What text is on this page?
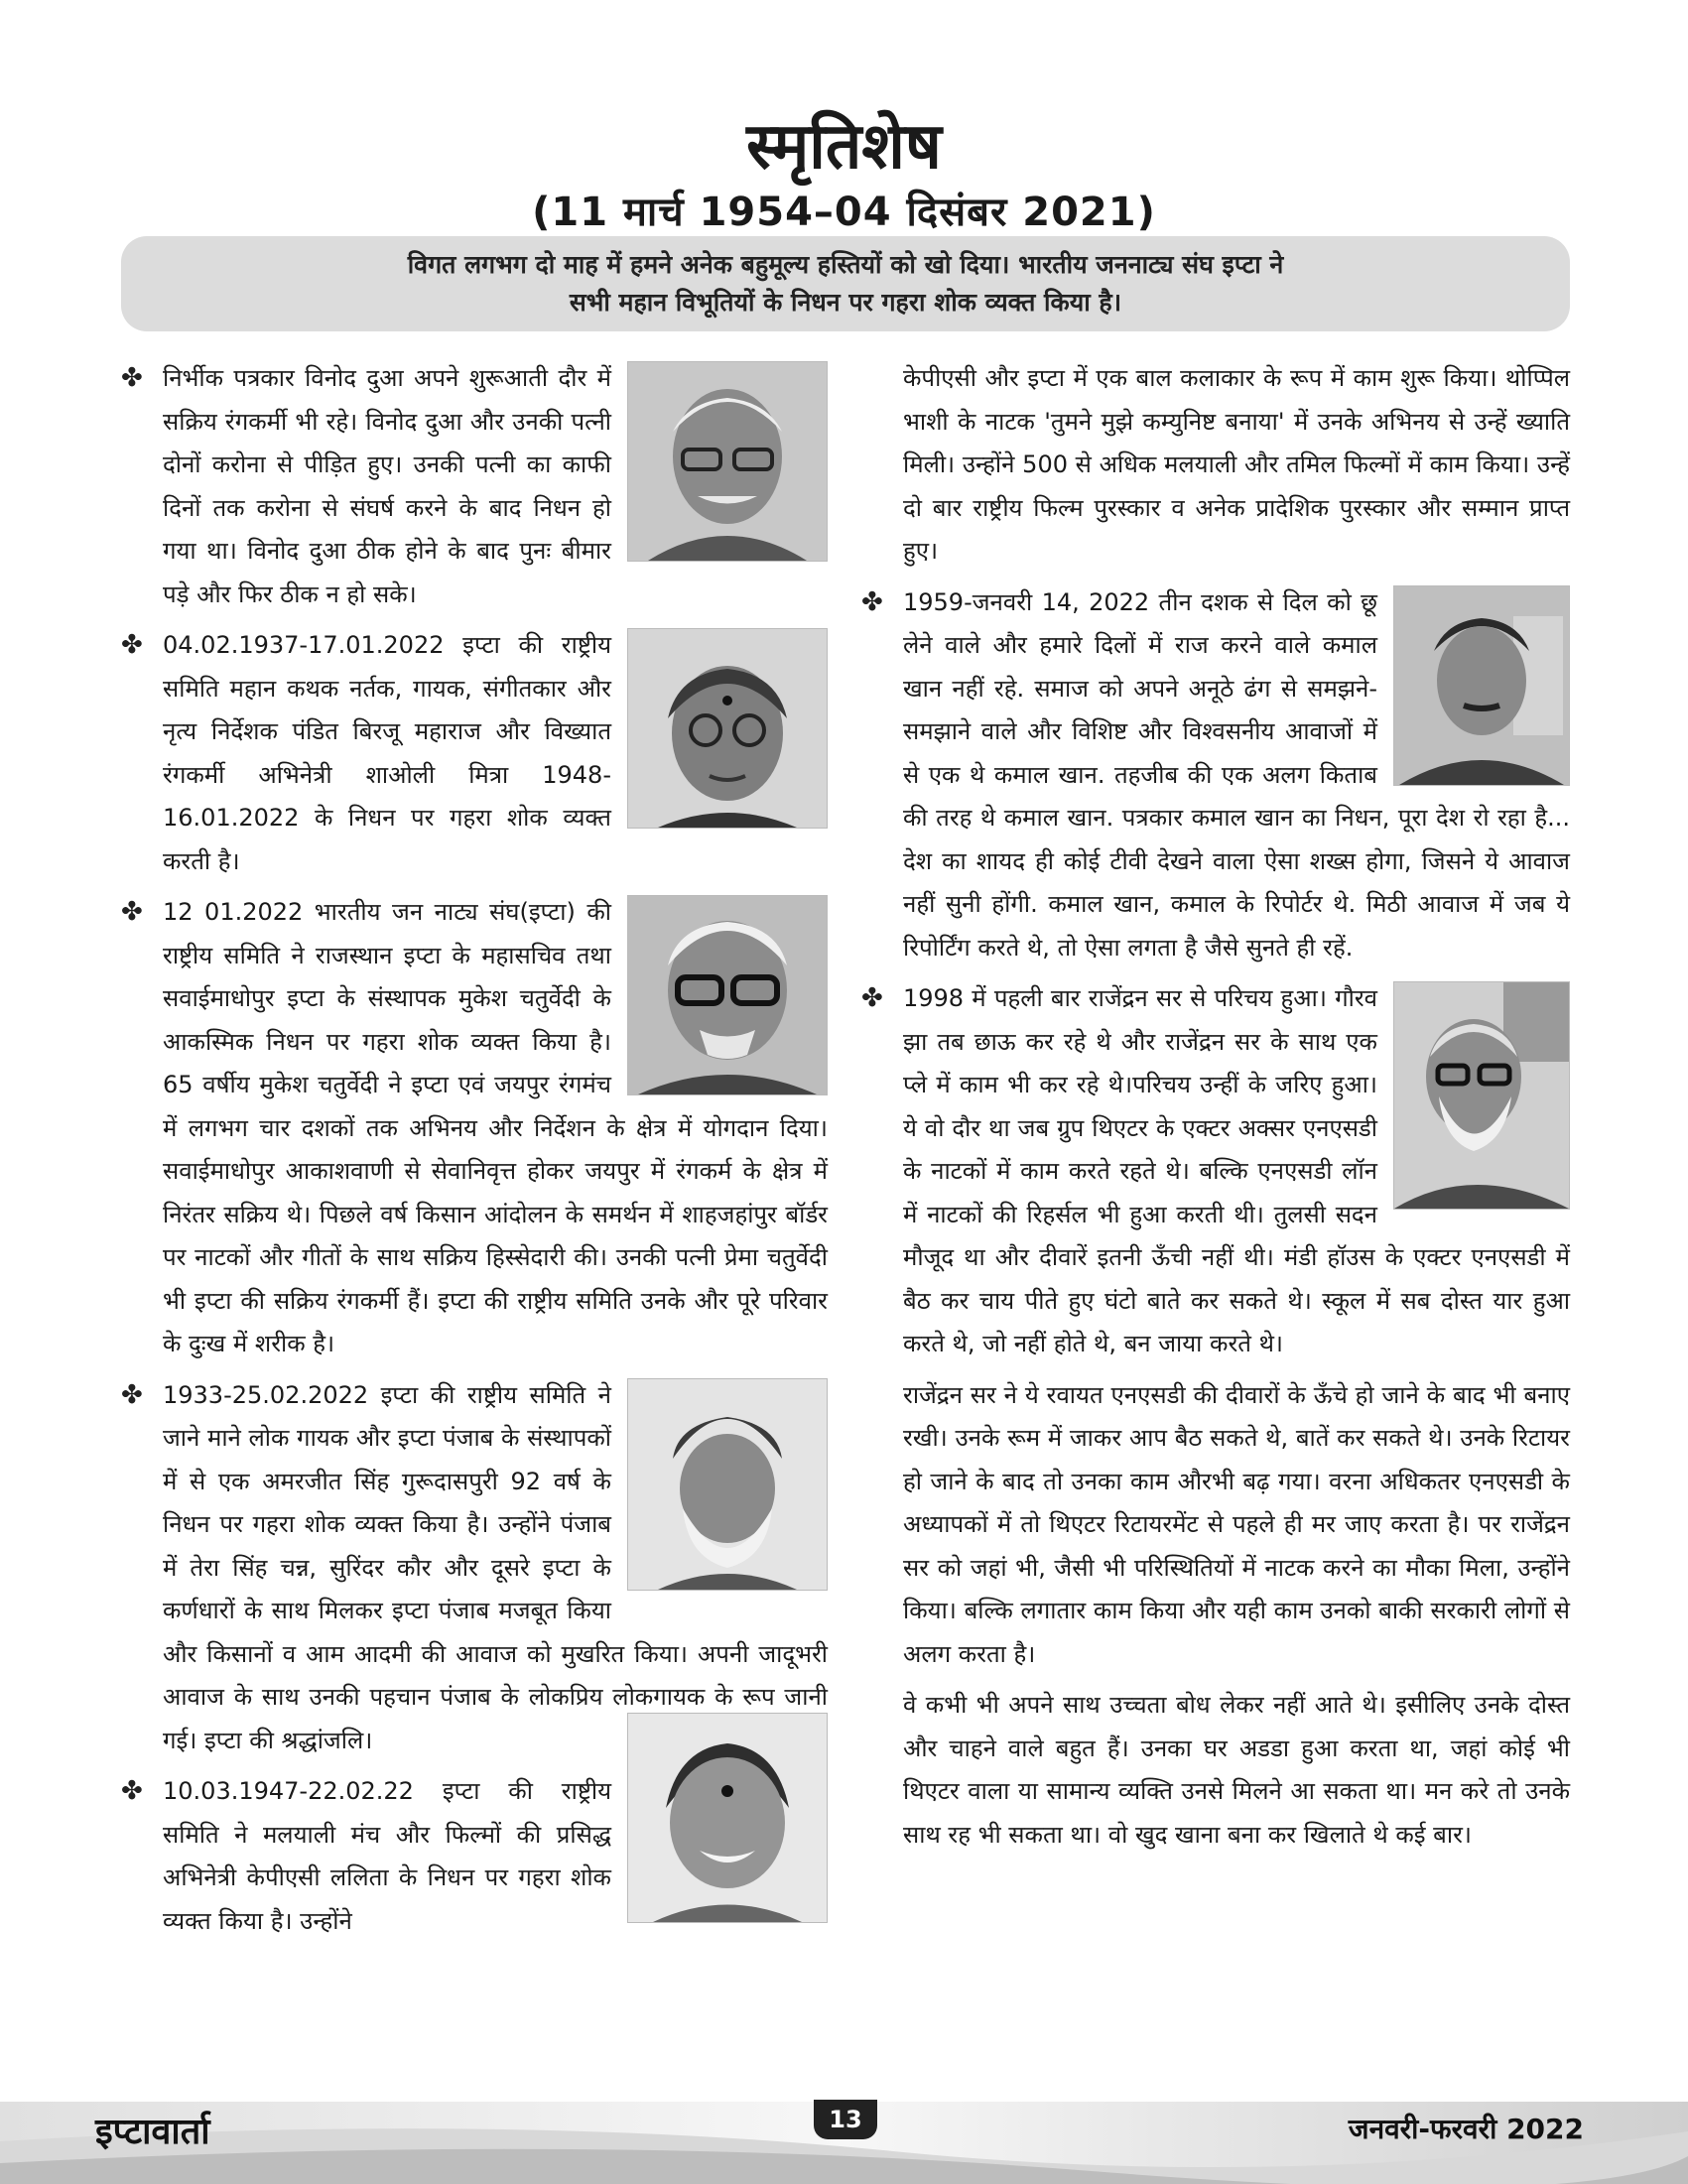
स्मृतिशेष
(11 मार्च 1954–04 दिसंबर 2021)
विगत लगभग दो माह में हमने अनेक बहुमूल्य हस्तियों को खो दिया। भारतीय जननाट्य संघ इप्टा ने
सभी महान विभूतियों के निधन पर गहरा शोक व्यक्त किया है।
✤ निर्भीक पत्रकार विनोद दुआ अपने शुरूआती दौर में सक्रिय रंगकर्मी भी रहे। विनोद दुआ और उनकी पत्नी दोनों करोना से पीड़ित हुए। उनकी पत्नी का काफी दिनों तक करोना से संघर्ष करने के बाद निधन हो गया था। विनोद दुआ ठीक होने के बाद पुनः बीमार पड़े और फिर ठीक न हो सके।
✤ 04.02.1937-17.01.2022 इप्टा की राष्ट्रीय समिति महान कथक नर्तक, गायक, संगीतकार और नृत्य निर्देशक पंडित बिरजू महाराज और विख्यात रंगकर्मी अभिनेत्री शाओली मित्रा 1948-16.01.2022 के निधन पर गहरा शोक व्यक्त करती है।
✤ 12 01.2022 भारतीय जन नाट्य संघ(इप्टा) की राष्ट्रीय समिति ने राजस्थान इप्टा के महासचिव तथा सवाईमाधोपुर इप्टा के संस्थापक मुकेश चतुर्वेदी के आकस्मिक निधन पर गहरा शोक व्यक्त किया है। 65 वर्षीय मुकेश चतुर्वेदी ने इप्टा एवं जयपुर रंगमंच में लगभग चार दशकों तक अभिनय और निर्देशन के क्षेत्र में योगदान दिया। सवाईमाधोपुर आकाशवाणी से सेवानिवृत्त होकर जयपुर में रंगकर्म के क्षेत्र में निरंतर सक्रिय थे। पिछले वर्ष किसान आंदोलन के समर्थन में शाहजहांपुर बॉर्डर पर नाटकों और गीतों के साथ सक्रिय हिस्सेदारी की। उनकी पत्नी प्रेमा चतुर्वेदी भी इप्टा की सक्रिय रंगकर्मी हैं। इप्टा की राष्ट्रीय समिति उनके और पूरे परिवार के दुःख में शरीक है।
✤ 1933-25.02.2022 इप्टा की राष्ट्रीय समिति ने जाने माने लोक गायक और इप्टा पंजाब के संस्थापकों में से एक अमरजीत सिंह गुरूदासपुरी 92 वर्ष के निधन पर गहरा शोक व्यक्त किया है। उन्होंने पंजाब में तेरा सिंह चन्न, सुरिंदर कौर और दूसरे इप्टा के कर्णधारों के साथ मिलकर इप्टा पंजाब मजबूत किया और किसानों व आम आदमी की आवाज को मुखरित किया। अपनी जादूभरी आवाज के साथ उनकी पहचान पंजाब के लोकप्रिय लोकगायक के रूप जानी गई। इप्टा की श्रद्धांजलि।
✤ 10.03.1947-22.02.22 इप्टा की राष्ट्रीय समिति ने मलयाली मंच और फिल्मों की प्रसिद्ध अभिनेत्री केपीएसी ललिता के निधन पर गहरा शोक व्यक्त किया है। उन्होंने

केपीएसी और इप्टा में एक बाल कलाकार के रूप में काम शुरू किया। थोप्पिल भाशी के नाटक 'तुमने मुझे कम्युनिष्ट बनाया' में उनके अभिनय से उन्हें ख्याति मिली। उन्होंने 500 से अधिक मलयाली और तमिल फिल्मों में काम किया। उन्हें दो बार राष्ट्रीय फिल्म पुरस्कार व अनेक प्रादेशिक पुरस्कार और सम्मान प्राप्त हुए।

✤ 1959-जनवरी 14, 2022 तीन दशक से दिल को छू लेने वाले और हमारे दिलों में राज करने वाले कमाल खान नहीं रहे. समाज को अपने अनूठे ढंग से समझने-समझाने वाले और विशिष्ट और विश्वसनीय आवाजों में से एक थे कमाल खान. तहजीब की एक अलग किताब की तरह थे कमाल खान. पत्रकार कमाल खान का निधन, पूरा देश रो रहा है... देश का शायद ही कोई टीवी देखने वाला ऐसा शख्स होगा, जिसने ये आवाज नहीं सुनी होंगी. कमाल खान, कमाल के रिपोर्टर थे. मिठी आवाज में जब ये रिपोर्टिंग करते थे, तो ऐसा लगता है जैसे सुनते ही रहें.
✤ 1998 में पहली बार राजेंद्रन सर से परिचय हुआ। गौरव झा तब छाऊ कर रहे थे और राजेंद्रन सर के साथ एक प्ले में काम भी कर रहे थे।परिचय उन्हीं के जरिए हुआ। ये वो दौर था जब ग्रुप थिएटर के एक्टर अक्सर एनएसडी के नाटकों में काम करते रहते थे। बल्कि एनएसडी लॉन में नाटकों की रिहर्सल भी हुआ करती थी। तुलसी सदन मौजूद था और दीवारें इतनी ऊँची नहीं थी। मंडी हॉउस के एक्टर एनएसडी में बैठ कर चाय पीते हुए घंटो बाते कर सकते थे। स्कूल में सब दोस्त यार हुआ करते थे, जो नहीं होते थे, बन जाया करते थे।

राजेंद्रन सर ने ये रवायत एनएसडी की दीवारों के ऊँचे हो जाने के बाद भी बनाए रखी। उनके रूम में जाकर आप बैठ सकते थे, बातें कर सकते थे। उनके रिटायर हो जाने के बाद तो उनका काम औरभी बढ़ गया। वरना अधिकतर एनएसडी के अध्यापकों में तो थिएटर रिटायरमेंट से पहले ही मर जाए करता है। पर राजेंद्रन सर को जहां भी, जैसी भी परिस्थितियों में नाटक करने का मौका मिला, उन्होंने किया। बल्कि लगातार काम किया और यही काम उनको बाकी सरकारी लोगों से अलग करता है।

वे कभी भी अपने साथ उच्चता बोध लेकर नहीं आते थे। इसीलिए उनके दोस्त और चाहने वाले बहुत हैं। उनका घर अडडा हुआ करता था, जहां कोई भी थिएटर वाला या सामान्य व्यक्ति उनसे मिलने आ सकता था। मन करे तो उनके साथ रह भी सकता था। वो खुद खाना बना कर खिलाते थे कई बार।

इप्टावार्ता	13	जनवरी-फरवरी 2022
